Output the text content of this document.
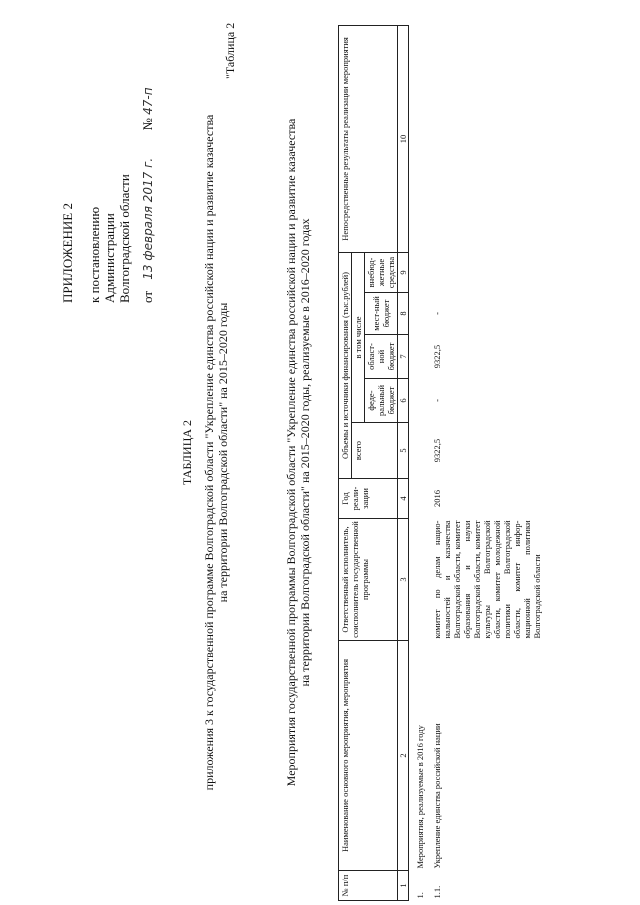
ПРИЛОЖЕНИЕ 2 к постановлению Администрации Волгоградской области от 13 февраля 2017 г. № 47-п
"Таблица 2
ТАБЛИЦА 2 приложения 3 к государственной программе Волгоградской области "Укрепление единства российской нации и развитие казачества на территории Волгоградской области" на 2015–2020 годы	Мероприятия государственной программы Волгоградской области "Укрепление единства российской нации и развитие казачества на территории Волгоградской области" на 2015–2020 годы, реализуемые в 2016–2020 годах
№ п/п	Наименование основного мероприятия, мероприятия	Ответственный исполнитель, соисполнитель государственной программы	Год реали-зации	Объемы и источники финансирования (тыс.рублей)					Непосредственные результаты реализации мероприятия
				всего	в том числе				
					феде-ральный бюджет	област-ной бюджет	мест-ный бюджет	внебюд-жетные средства	
1	2	3	4	5	6	7	8	9	10
1.	Мероприятия, реализуемые в 2016 году								
1.1.	Укрепление единства российской нации	комитет по делам нацио-нальностей и казачества Волгоградской области, комитет образования и науки Волгоградской области, комитет культуры Волгоградской области, комитет молодежной политики Волгоградской области, комитет инфор-мационной политики Волгоградской области	2016	9322,5	-	9322,5	-		
